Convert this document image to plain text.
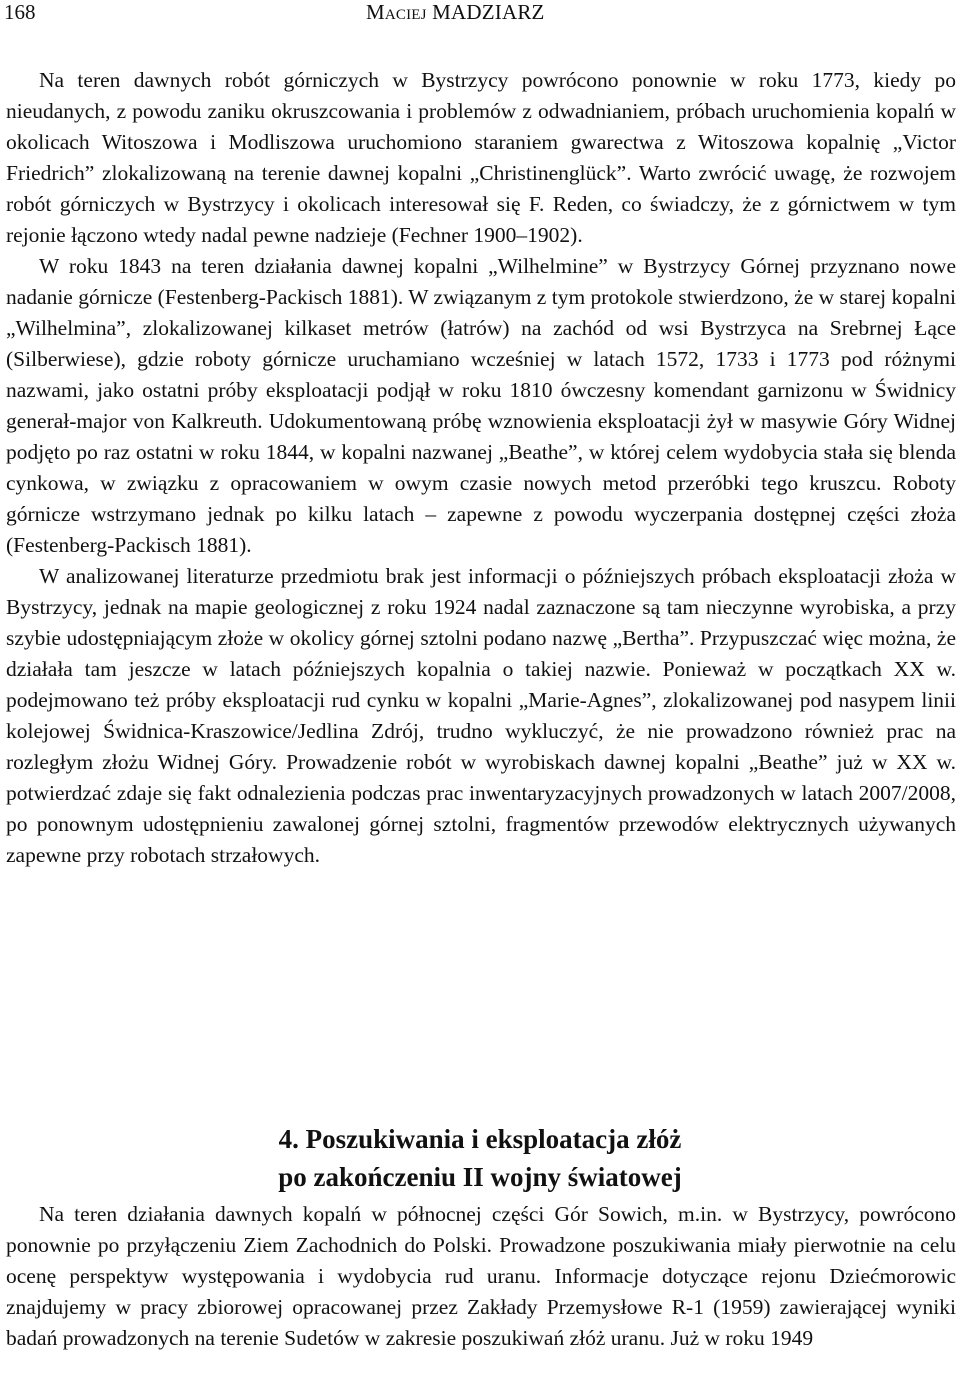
168	Maciej MADZIARZ

Na teren dawnych robót górniczych w Bystrzycy powrócono ponownie w roku 1773, kiedy po nieudanych, z powodu zaniku okruszcowania i problemów z odwadnianiem, próbach uruchomienia kopalń w okolicach Witoszowa i Modliszowa uruchomiono staraniem gwarectwa z Witoszowa kopalnię „Victor Friedrich” zlokalizowaną na terenie dawnej kopalni „Christinenglück”. Warto zwrócić uwagę, że rozwojem robót górniczych w Bystrzycy i okolicach interesował się F. Reden, co świadczy, że z górnictwem w tym rejonie łączono wtedy nadal pewne nadzieje (Fechner 1900–1902).

W roku 1843 na teren działania dawnej kopalni „Wilhelmine” w Bystrzycy Górnej przyznano nowe nadanie górnicze (Festenberg-Packisch 1881). W związanym z tym protokole stwierdzono, że w starej kopalni „Wilhelmina”, zlokalizowanej kilkaset metrów (łatrów) na zachód od wsi Bystrzyca na Srebrnej Łące (Silberwiese), gdzie roboty górnicze uruchamiano wcześniej w latach 1572, 1733 i 1773 pod różnymi nazwami, jako ostatni próby eksploatacji podjął w roku 1810 ówczesny komendant garnizonu w Świdnicy generał-major von Kalkreuth. Udokumentowaną próbę wznowienia eksploatacji żył w masywie Góry Widnej podjęto po raz ostatni w roku 1844, w kopalni nazwanej „Beathe”, w której celem wydobycia stała się blenda cynkowa, w związku z opracowaniem w owym czasie nowych metod przeróbki tego kruszcu. Roboty górnicze wstrzymano jednak po kilku latach – zapewne z powodu wyczerpania dostępnej części złoża (Festenberg-Packisch 1881).

W analizowanej literaturze przedmiotu brak jest informacji o późniejszych próbach eksploatacji złoża w Bystrzycy, jednak na mapie geologicznej z roku 1924 nadal zaznaczone są tam nieczynne wyrobiska, a przy szybie udostępniającym złoże w okolicy górnej sztolni podano nazwę „Bertha”. Przypuszczać więc można, że działała tam jeszcze w latach późniejszych kopalnia o takiej nazwie. Ponieważ w początkach XX w. podejmowano też próby eksploatacji rud cynku w kopalni „Marie-Agnes”, zlokalizowanej pod nasypem linii kolejowej Świdnica-Kraszowice/Jedlina Zdrój, trudno wykluczyć, że nie prowadzono również prac na rozległym złożu Widnej Góry. Prowadzenie robót w wyrobiskach dawnej kopalni „Beathe” już w XX w. potwierdzać zdaje się fakt odnalezienia podczas prac inwentaryzacyjnych prowadzonych w latach 2007/2008, po ponownym udostępnieniu zawalonej górnej sztolni, fragmentów przewodów elektrycznych używanych zapewne przy robotach strzałowych.

4. Poszukiwania i eksploatacja złóż
po zakończeniu II wojny światowej

Na teren działania dawnych kopalń w północnej części Gór Sowich, m.in. w Bystrzycy, powrócono ponownie po przyłączeniu Ziem Zachodnich do Polski. Prowadzone poszukiwania miały pierwotnie na celu ocenę perspektyw występowania i wydobycia rud uranu. Informacje dotyczące rejonu Dziećmorowic znajdujemy w pracy zbiorowej opracowanej przez Zakłady Przemysłowe R-1 (1959) zawierającej wyniki badań prowadzonych na terenie Sudetów w zakresie poszukiwań złóż uranu. Już w roku 1949
